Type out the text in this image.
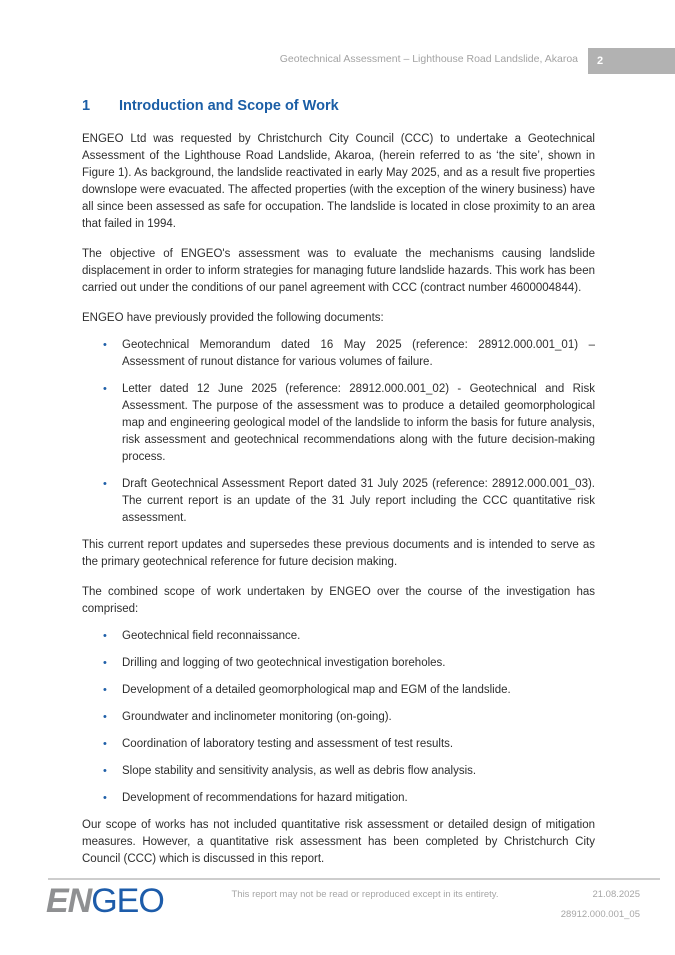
Geotechnical Assessment – Lighthouse Road Landslide, Akaroa 2
1	Introduction and Scope of Work

ENGEO Ltd was requested by Christchurch City Council (CCC) to undertake a Geotechnical Assessment of the Lighthouse Road Landslide, Akaroa, (herein referred to as ‘the site’, shown in Figure 1). As background, the landslide reactivated in early May 2025, and as a result five properties downslope were evacuated. The affected properties (with the exception of the winery business) have all since been assessed as safe for occupation. The landslide is located in close proximity to an area that failed in 1994.

The objective of ENGEO's assessment was to evaluate the mechanisms causing landslide displacement in order to inform strategies for managing future landslide hazards. This work has been carried out under the conditions of our panel agreement with CCC (contract number 4600004844).

ENGEO have previously provided the following documents:

• Geotechnical Memorandum dated 16 May 2025 (reference: 28912.000.001_01) – Assessment of runout distance for various volumes of failure.
• Letter dated 12 June 2025 (reference: 28912.000.001_02) - Geotechnical and Risk Assessment. The purpose of the assessment was to produce a detailed geomorphological map and engineering geological model of the landslide to inform the basis for future analysis, risk assessment and geotechnical recommendations along with the future decision-making process.
• Draft Geotechnical Assessment Report dated 31 July 2025 (reference: 28912.000.001_03). The current report is an update of the 31 July report including the CCC quantitative risk assessment.

This current report updates and supersedes these previous documents and is intended to serve as the primary geotechnical reference for future decision making.

The combined scope of work undertaken by ENGEO over the course of the investigation has comprised:

• Geotechnical field reconnaissance.
• Drilling and logging of two geotechnical investigation boreholes.
• Development of a detailed geomorphological map and EGM of the landslide.
• Groundwater and inclinometer monitoring (on-going).
• Coordination of laboratory testing and assessment of test results.
• Slope stability and sensitivity analysis, as well as debris flow analysis.
• Development of recommendations for hazard mitigation.

Our scope of works has not included quantitative risk assessment or detailed design of mitigation measures. However, a quantitative risk assessment has been completed by Christchurch City Council (CCC) which is discussed in this report.

ENGEO	This report may not be read or reproduced except in its entirety.	21.08.2025
28912.000.001_05
